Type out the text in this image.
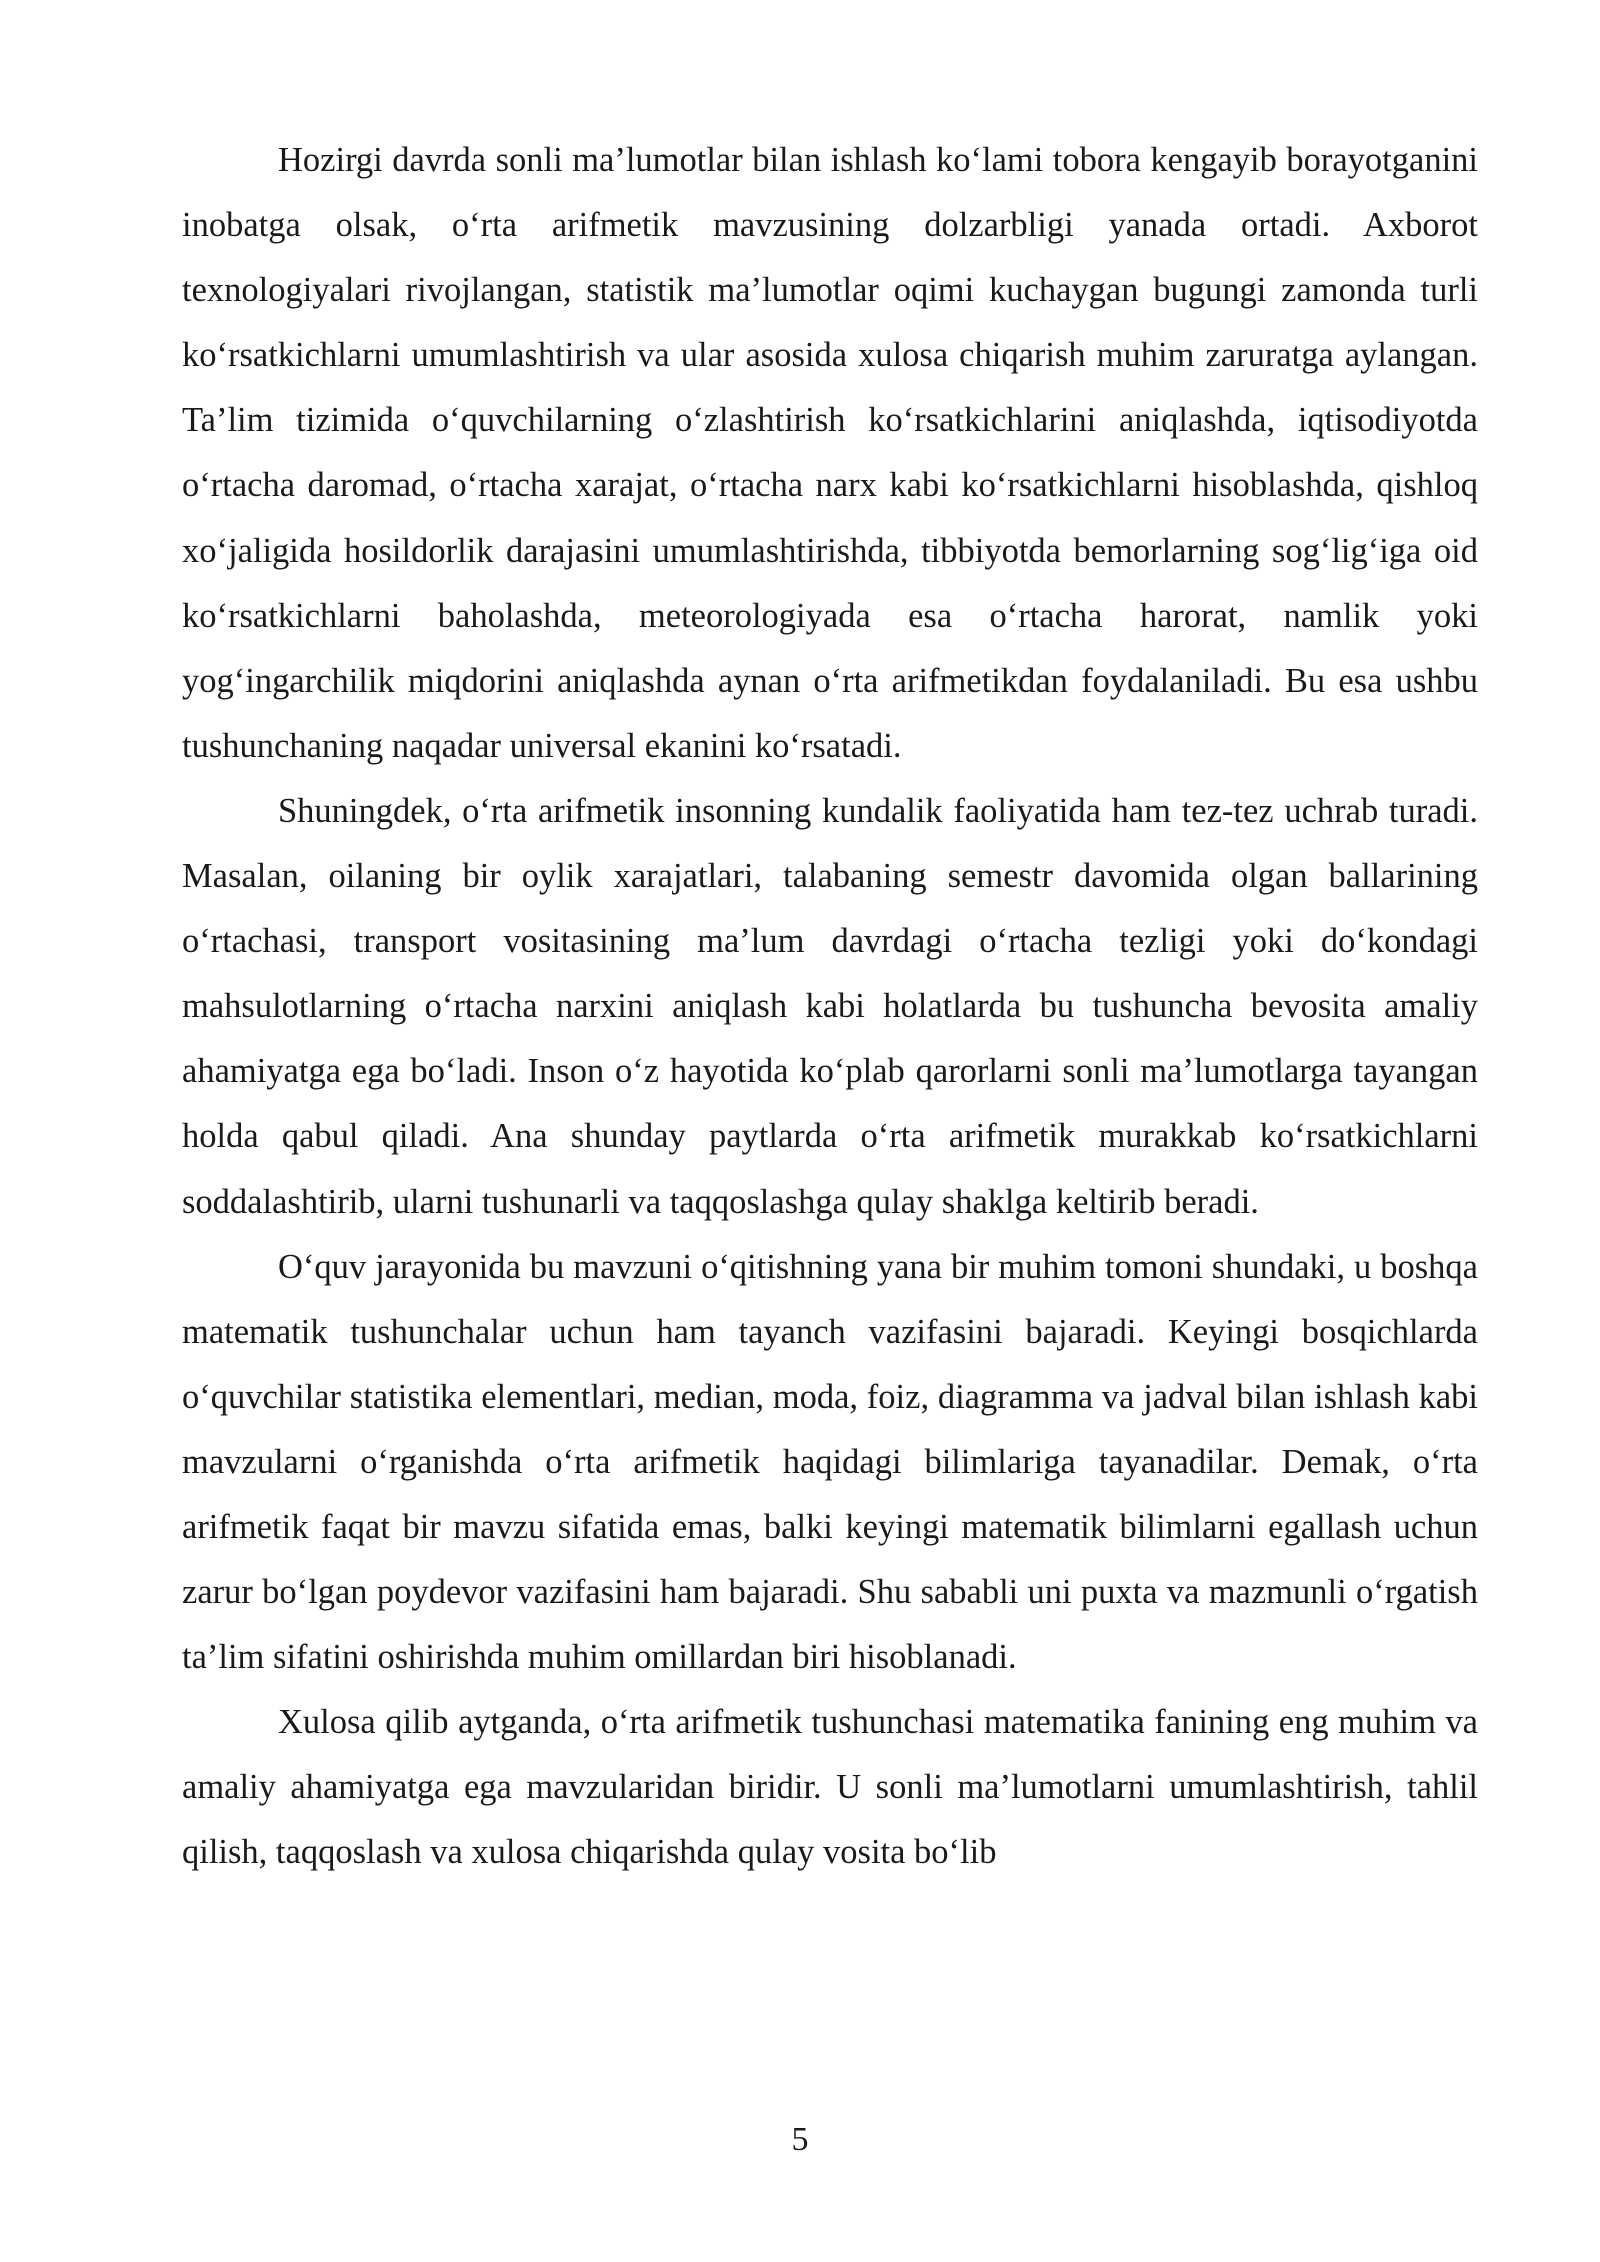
Hozirgi davrda sonli ma’lumotlar bilan ishlash ko‘lami tobora kengayib borayotganini inobatga olsak, o‘rta arifmetik mavzusining dolzarbligi yanada ortadi. Axborot texnologiyalari rivojlangan, statistik ma’lumotlar oqimi kuchaygan bugungi zamonda turli ko‘rsatkichlarni umumlashtirish va ular asosida xulosa chiqarish muhim zaruratga aylangan. Ta’lim tizimida o‘quvchilarning o‘zlashtirish ko‘rsatkichlarini aniqlashda, iqtisodiyotda o‘rtacha daromad, o‘rtacha xarajat, o‘rtacha narx kabi ko‘rsatkichlarni hisoblashda, qishloq xo‘jaligida hosildorlik darajasini umumlashtirishda, tibbiyotda bemorlarning sog‘lig‘iga oid ko‘rsatkichlarni baholashda, meteorologiyada esa o‘rtacha harorat, namlik yoki yog‘ingarchilik miqdorini aniqlashda aynan o‘rta arifmetikdan foydalaniladi. Bu esa ushbu tushunchaning naqadar universal ekanini ko‘rsatadi.

Shuningdek, o‘rta arifmetik insonning kundalik faoliyatida ham tez-tez uchrab turadi. Masalan, oilaning bir oylik xarajatlari, talabaning semestr davomida olgan ballarining o‘rtachasi, transport vositasining ma’lum davrdagi o‘rtacha tezligi yoki do‘kondagi mahsulotlarning o‘rtacha narxini aniqlash kabi holatlarda bu tushuncha bevosita amaliy ahamiyatga ega bo‘ladi. Inson o‘z hayotida ko‘plab qarorlarni sonli ma’lumotlarga tayangan holda qabul qiladi. Ana shunday paytlarda o‘rta arifmetik murakkab ko‘rsatkichlarni soddalashtirib, ularni tushunarli va taqqoslashga qulay shaklga keltirib beradi.

O‘quv jarayonida bu mavzuni o‘qitishning yana bir muhim tomoni shundaki, u boshqa matematik tushunchalar uchun ham tayanch vazifasini bajaradi. Keyingi bosqichlarda o‘quvchilar statistika elementlari, median, moda, foiz, diagramma va jadval bilan ishlash kabi mavzularni o‘rganishda o‘rta arifmetik haqidagi bilimlariga tayanadilar. Demak, o‘rta arifmetik faqat bir mavzu sifatida emas, balki keyingi matematik bilimlarni egallash uchun zarur bo‘lgan poydevor vazifasini ham bajaradi. Shu sababli uni puxta va mazmunli o‘rgatish ta’lim sifatini oshirishda muhim omillardan biri hisoblanadi.

Xulosa qilib aytganda, o‘rta arifmetik tushunchasi matematika fanining eng muhim va amaliy ahamiyatga ega mavzularidan biridir. U sonli ma’lumotlarni umumlashtirish, tahlil qilish, taqqoslash va xulosa chiqarishda qulay vosita bo‘lib

5
